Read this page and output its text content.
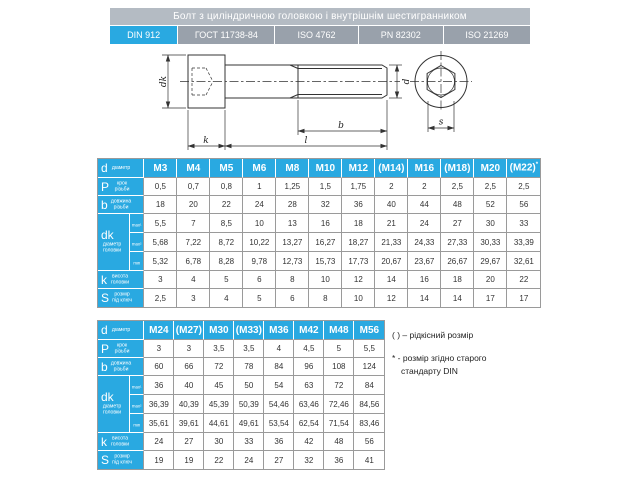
Болт з циліндричною головкою і внутрішнім шестигранником
DIN 912	ГОСТ 11738-84	ISO 4762	PN 82302	ISO 21269
dk	d
b
l
k
s
d діаметр		M3	M4	M5	M6	M8	M10	M12	(M14)	M16	(M18)	M20	(M22)*

P крок різьби		0,5	0,7	0,8	1	1,25	1,5	1,75	2	2	2,5	2,5	2,5

b довжина різьби		18	20	22	24	28	32	36	40	44	48	52	56

dk
діаметр головки	max¹	5,5	7	8,5	10	13	16	18	21	24	27	30	33
	max²	5,68	7,22	8,72	10,22	13,27	16,27	18,27	21,33	24,33	27,33	30,33	33,39
	min	5,32	6,78	8,28	9,78	12,73	15,73	17,73	20,67	23,67	26,67	29,67	32,61

k висота головки		3	4	5	6	8	10	12	14	16	18	20	22

S розмір під ключ		2,5	3	4	5	6	8	10	12	14	14	17	17
d діаметр		M24	(M27)	M30	(M33)	M36	M42	M48	M56

P крок різьби		3	3	3,5	3,5	4	4,5	5	5,5

b довжина різьби		60	66	72	78	84	96	108	124

dk
діаметр головки	max¹	36	40	45	50	54	63	72	84
	max²	36,39	40,39	45,39	50,39	54,46	63,46	72,46	84,56
	min	35,61	39,61	44,61	49,61	53,54	62,54	71,54	83,46

k висота головки		24	27	30	33	36	42	48	56

S розмір під ключ		19	19	22	24	27	32	36	41
( ) – рідкісний розмір
* - розмір згідно старого стандарту DIN
